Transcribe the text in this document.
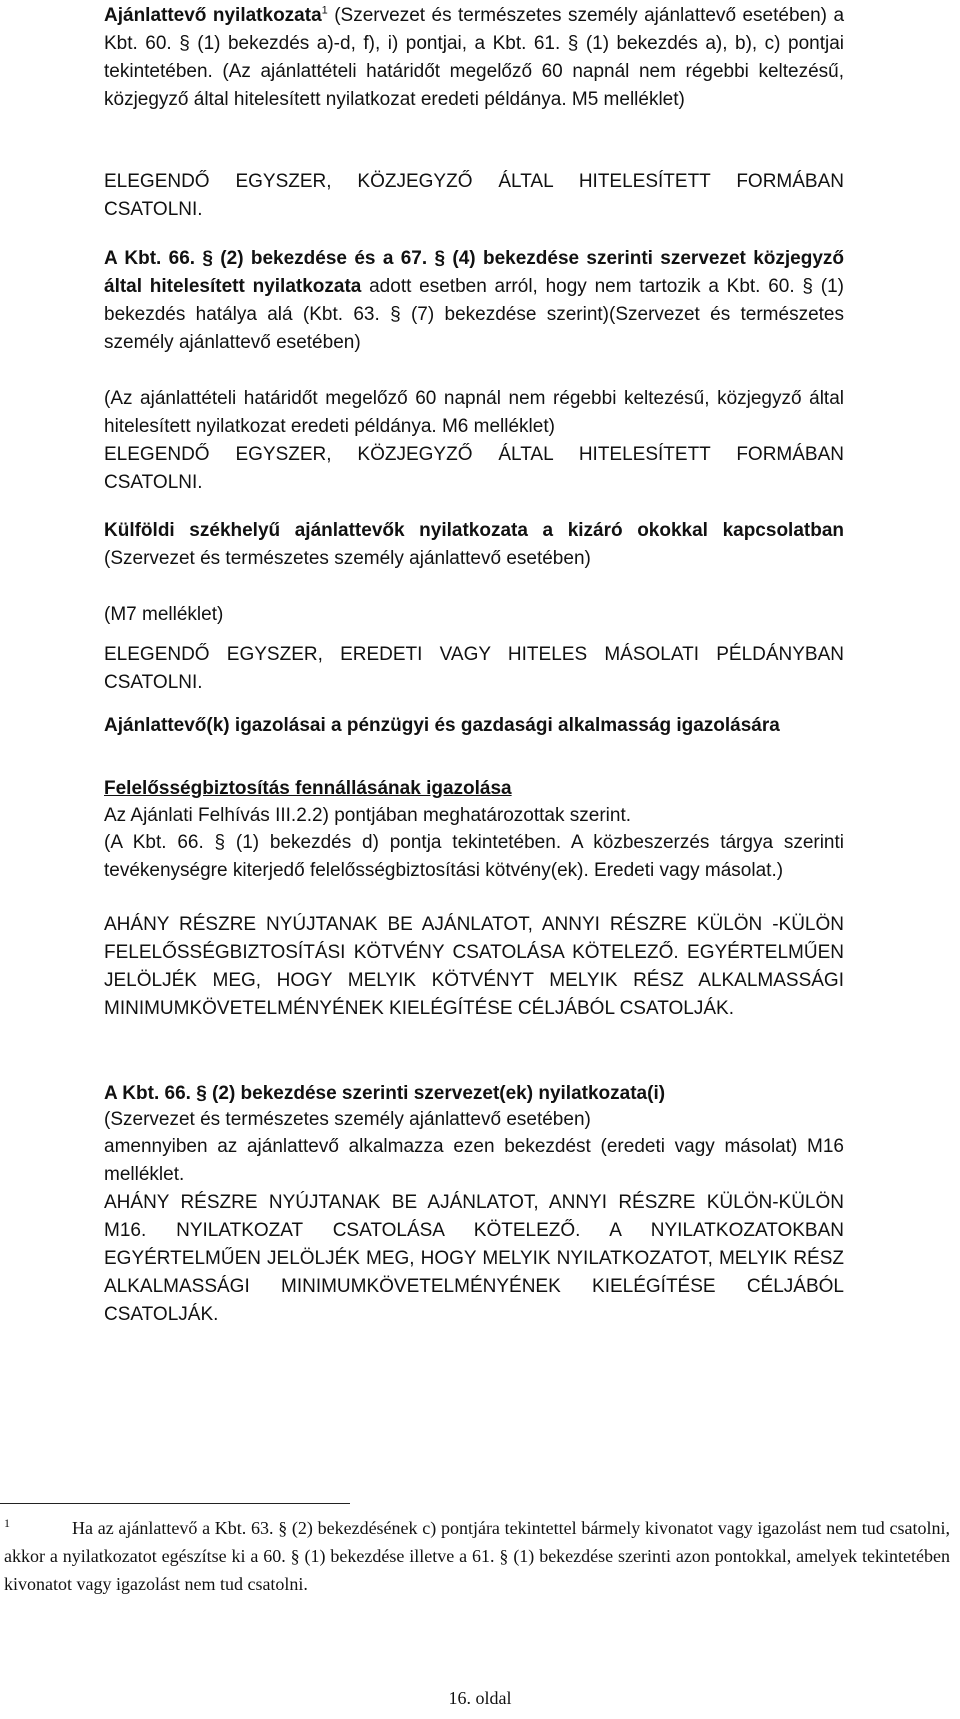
Ajánlattevő nyilatkozata$^1$ (Szervezet és természetes személy ajánlattevő esetében) a Kbt. 60. § (1) bekezdés a)-d, f), i) pontjai, a Kbt. 61. § (1) bekezdés a), b), c) pontjai tekintetében. (Az ajánlattételi határidőt megelőző 60 napnál nem régebbi keltezésű, közjegyző által hitelesített nyilatkozat eredeti példánya. M5 melléklet)

ELEGENDŐ EGYSZER, KÖZJEGYZŐ ÁLTAL HITELESÍTETT FORMÁBAN CSATOLNI.

A Kbt. 66. § (2) bekezdése és a 67. § (4) bekezdése szerinti szervezet közjegyző által hitelesített nyilatkozata adott esetben arról, hogy nem tartozik a Kbt. 60. § (1) bekezdés hatálya alá (Kbt. 63. § (7) bekezdése szerint)(Szervezet és természetes személy ajánlattevő esetében)

(Az ajánlattételi határidőt megelőző 60 napnál nem régebbi keltezésű, közjegyző által hitelesített nyilatkozat eredeti példánya. M6 melléklet)

ELEGENDŐ EGYSZER, KÖZJEGYZŐ ÁLTAL HITELESÍTETT FORMÁBAN CSATOLNI.

Külföldi székhelyű ajánlattevők nyilatkozata a kizáró okokkal kapcsolatban (Szervezet és természetes személy ajánlattevő esetében)

(M7 melléklet)

ELEGENDŐ EGYSZER, EREDETI VAGY HITELES MÁSOLATI PÉLDÁNYBAN CSATOLNI.

Ajánlattevő(k) igazolásai a pénzügyi és gazdasági alkalmasság igazolására

Felelősségbiztosítás fennállásának igazolása

Az Ajánlati Felhívás III.2.2) pontjában meghatározottak szerint.

(A Kbt. 66. § (1) bekezdés d) pontja tekintetében. A közbeszerzés tárgya szerinti tevékenységre kiterjedő felelősségbiztosítási kötvény(ek). Eredeti vagy másolat.)

AHÁNY RÉSZRE NYÚJTANAK BE AJÁNLATOT, ANNYI RÉSZRE KÜLÖN -KÜLÖN FELELŐSSÉGBIZTOSÍTÁSI KÖTVÉNY CSATOLÁSA KÖTELEZŐ. EGYÉRTELMŰEN JELÖLJÉK MEG, HOGY MELYIK KÖTVÉNYT MELYIK RÉSZ ALKALMASSÁGI MINIMUMKÖVETELMÉNYÉNEK KIELÉGÍTÉSE CÉLJÁBÓL CSATOLJÁK.

A Kbt. 66. § (2) bekezdése szerinti szervezet(ek) nyilatkozata(i)

(Szervezet és természetes személy ajánlattevő esetében)

amennyiben az ajánlattevő alkalmazza ezen bekezdést (eredeti vagy másolat) M16 melléklet.

AHÁNY RÉSZRE NYÚJTANAK BE AJÁNLATOT, ANNYI RÉSZRE KÜLÖN-KÜLÖN M16. NYILATKOZAT CSATOLÁSA KÖTELEZŐ. A NYILATKOZATOKBAN EGYÉRTELMŰEN JELÖLJÉK MEG, HOGY MELYIK NYILATKOZATOT, MELYIK RÉSZ ALKALMASSÁGI MINIMUMKÖVETELMÉNYÉNEK KIELÉGÍTÉSE CÉLJÁBÓL CSATOLJÁK.

$^1$	Ha az ajánlattevő a Kbt. 63. § (2) bekezdésének c) pontjára tekintettel bármely kivonatot vagy igazolást nem tud csatolni, akkor a nyilatkozatot egészítse ki a 60. § (1) bekezdése illetve a 61. § (1) bekezdése szerinti azon pontokkal, amelyek tekintetében kivonatot vagy igazolást nem tud csatolni.

16. oldal
